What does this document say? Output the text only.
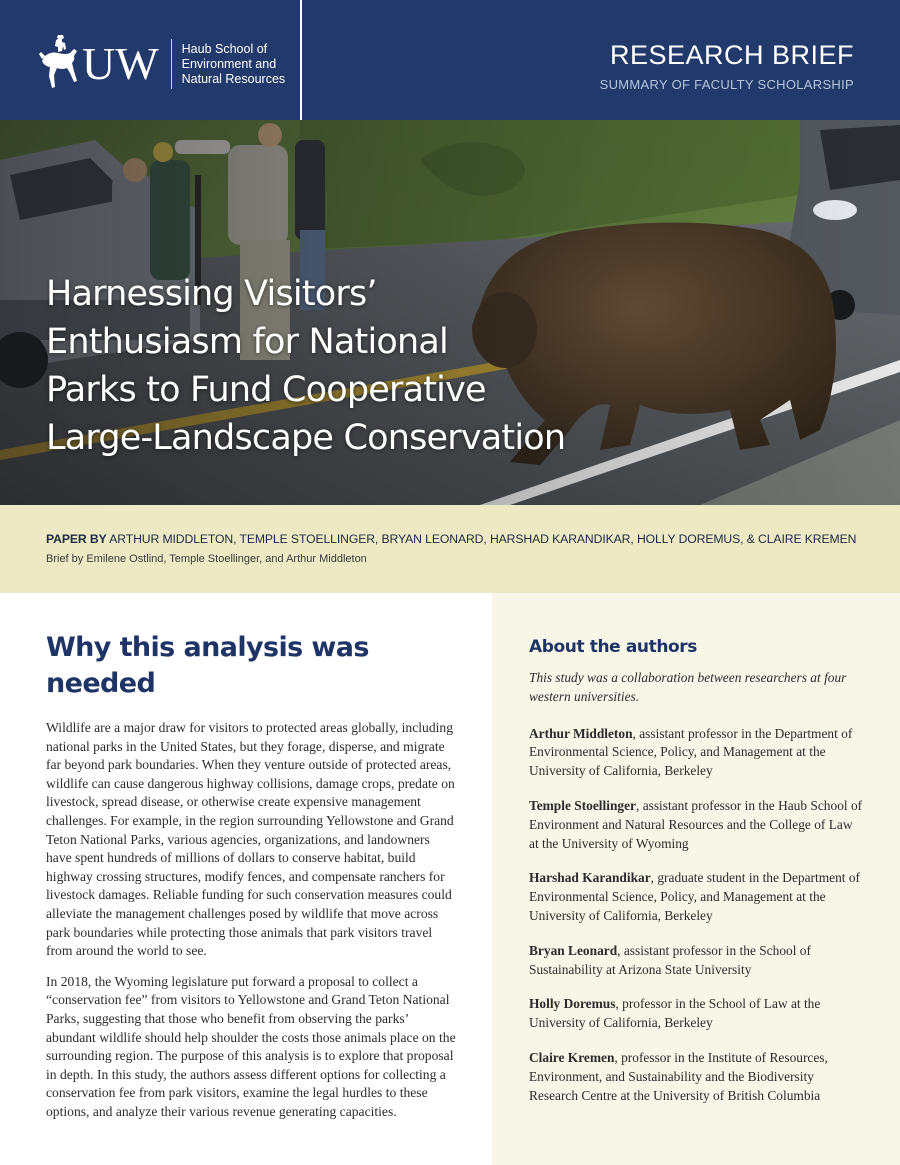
UW Haub School of
Environment and
Natural Resources
RESEARCH BRIEF
SUMMARY OF FACULTY SCHOLARSHIP
Harnessing Visitors’
Enthusiasm for National
Parks to Fund Cooperative
Large-Landscape Conservation
PAPER BY ARTHUR MIDDLETON, TEMPLE STOELLINGER, BRYAN LEONARD, HARSHAD KARANDIKAR, HOLLY DOREMUS, & CLAIRE KREMEN
Brief by Emilene Ostlind, Temple Stoellinger, and Arthur Middleton
Why this analysis was needed

Wildlife are a major draw for visitors to protected areas globally, including national parks in the United States, but they forage, disperse, and migrate far beyond park boundaries. When they venture outside of protected areas, wildlife can cause dangerous highway collisions, damage crops, predate on livestock, spread disease, or otherwise create expensive management challenges. For example, in the region surrounding Yellowstone and Grand Teton National Parks, various agencies, organizations, and landowners have spent hundreds of millions of dollars to conserve habitat, build highway crossing structures, modify fences, and compensate ranchers for livestock damages. Reliable funding for such conservation measures could alleviate the management challenges posed by wildlife that move across park boundaries while protecting those animals that park visitors travel from around the world to see.

In 2018, the Wyoming legislature put forward a proposal to collect a “conservation fee” from visitors to Yellowstone and Grand Teton National Parks, suggesting that those who benefit from observing the parks’ abundant wildlife should help shoulder the costs those animals place on the surrounding region. The purpose of this analysis is to explore that proposal in depth. In this study, the authors assess different options for collecting a conservation fee from park visitors, examine the legal hurdles to these options, and analyze their various revenue generating capacities.

About the authors

This study was a collaboration between researchers at four western universities.

Arthur Middleton, assistant professor in the Department of Environmental Science, Policy, and Management at the University of California, Berkeley

Temple Stoellinger, assistant professor in the Haub School of Environment and Natural Resources and the College of Law at the University of Wyoming

Harshad Karandikar, graduate student in the Department of Environmental Science, Policy, and Management at the University of California, Berkeley

Bryan Leonard, assistant professor in the School of Sustainability at Arizona State University

Holly Doremus, professor in the School of Law at the University of California, Berkeley

Claire Kremen, professor in the Institute of Resources, Environment, and Sustainability and the Biodiversity Research Centre at the University of British Columbia
